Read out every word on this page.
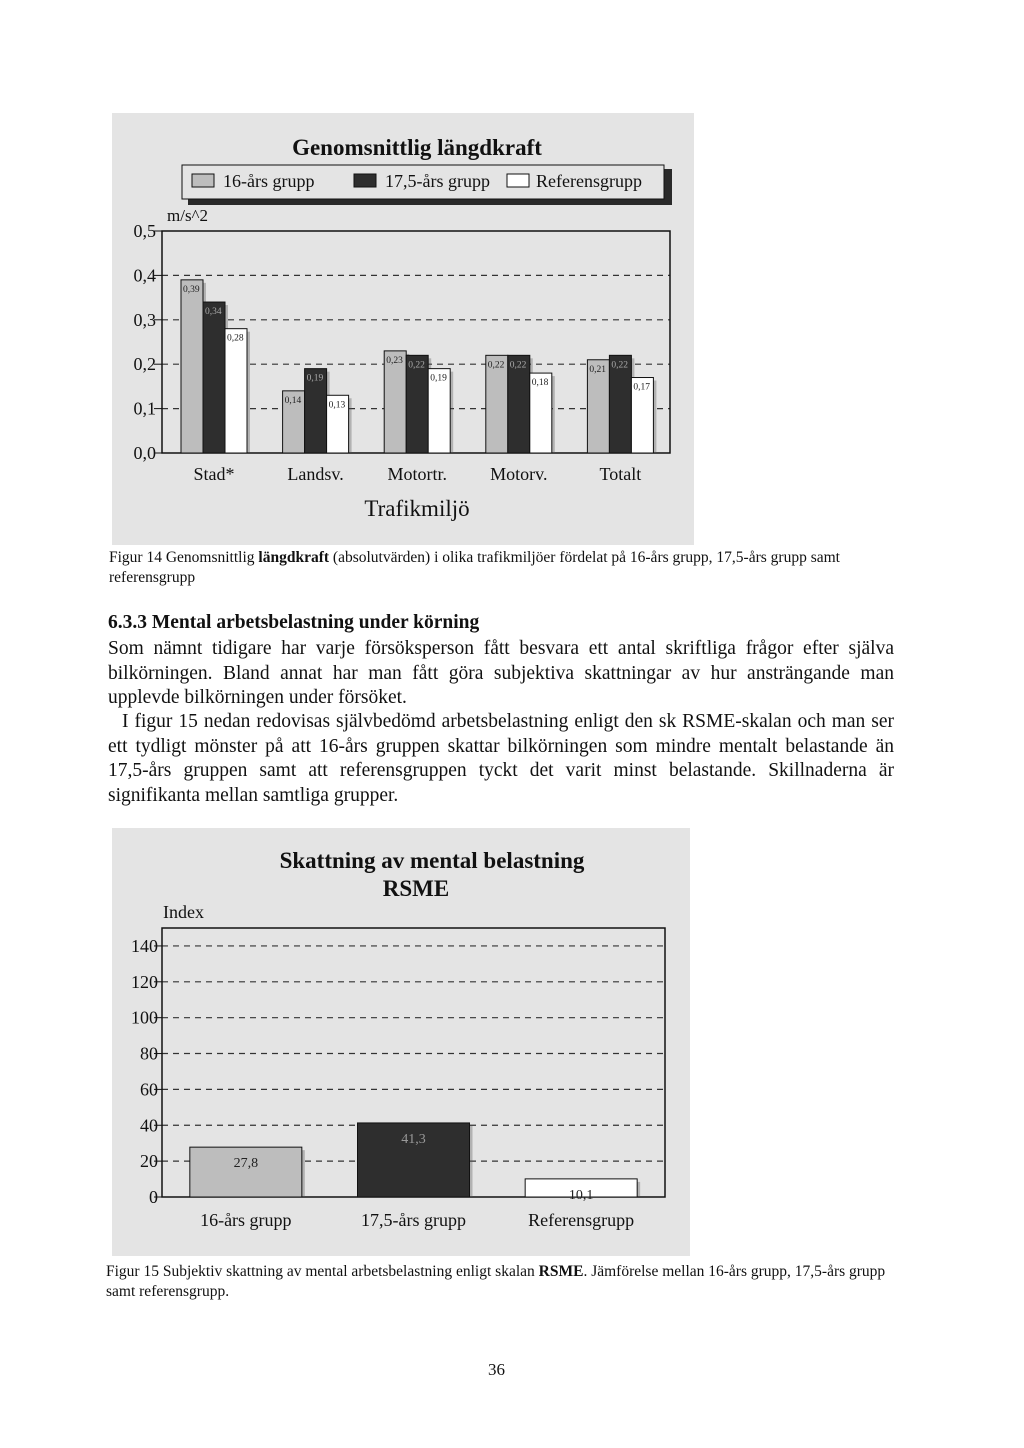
Genomsnittlig längdkraft
16-års grupp	17,5-års grupp	Referensgrupp
m/s^2
Trafikmiljö
0,0
0,1
0,2
0,3
0,4
0,5
0,39
0,34
0,28
Stad*
0,14
0,19
0,13
Landsv.
0,23 0,22
0,19
Motortr.
0,22 0,22
0,18
Motorv.
0,21 0,22
0,17
Totalt
Figur 14 Genomsnittlig längdkraft (absolutvärden) i olika trafikmiljöer fördelat på 16-års grupp, 17,5-års grupp samt referensgrupp
6.3.3 Mental arbetsbelastning under körning
Som nämnt tidigare har varje försöksperson fått besvara ett antal skriftliga frågor efter själva bilkörningen. Bland annat har man fått göra subjektiva skattningar av hur ansträngande man upplevde bilkörningen under försöket.
I figur 15 nedan redovisas självbedömd arbetsbelastning enligt den sk RSME-skalan och man ser ett tydligt mönster på att 16-års gruppen skattar bilkörningen som mindre mentalt belastande än 17,5-års gruppen samt att referensgruppen tyckt det varit minst belastande. Skillnaderna är signifikanta mellan samtliga grupper.
Skattning av mental belastning
RSME
Index
0
20
40
60
80
100
120
140
27,8
16-års grupp
41,3
17,5-års grupp
10,1
Referensgrupp
Figur 15 Subjektiv skattning av mental arbetsbelastning enligt skalan RSME. Jämförelse mellan 16-års grupp, 17,5-års grupp samt referensgrupp.
36
